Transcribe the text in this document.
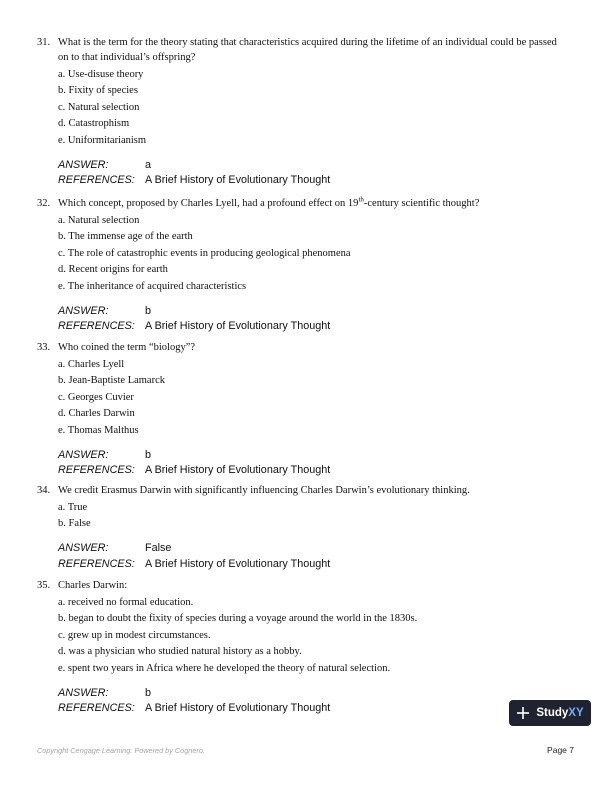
31. What is the term for the theory stating that characteristics acquired during the lifetime of an individual could be passed
on to that individual’s offspring?
a. Use-disuse theory
b. Fixity of species
c. Natural selection
d. Catastrophism
e. Uniformitarianism
ANSWER:	a
REFERENCES: A Brief History of Evolutionary Thought
32. Which concept, proposed by Charles Lyell, had a profound effect on 19th-century scientific thought?
a. Natural selection
b. The immense age of the earth
c. The role of catastrophic events in producing geological phenomena
d. Recent origins for earth
e. The inheritance of acquired characteristics
ANSWER:	b
REFERENCES: A Brief History of Evolutionary Thought
33. Who coined the term “biology”?
a. Charles Lyell
b. Jean-Baptiste Lamarck
c. Georges Cuvier
d. Charles Darwin
e. Thomas Malthus
ANSWER:	b
REFERENCES: A Brief History of Evolutionary Thought
34. We credit Erasmus Darwin with significantly influencing Charles Darwin’s evolutionary thinking.
a. True
b. False
ANSWER:	False
REFERENCES: A Brief History of Evolutionary Thought
35. Charles Darwin:
a. received no formal education.
b. began to doubt the fixity of species during a voyage around the world in the 1830s.
c. grew up in modest circumstances.
d. was a physician who studied natural history as a hobby.
e. spent two years in Africa where he developed the theory of natural selection.
ANSWER:	b
REFERENCES: A Brief History of Evolutionary Thought	StudyXY
Copyright Cengage Learning. Powered by Cognero.	Page 7
